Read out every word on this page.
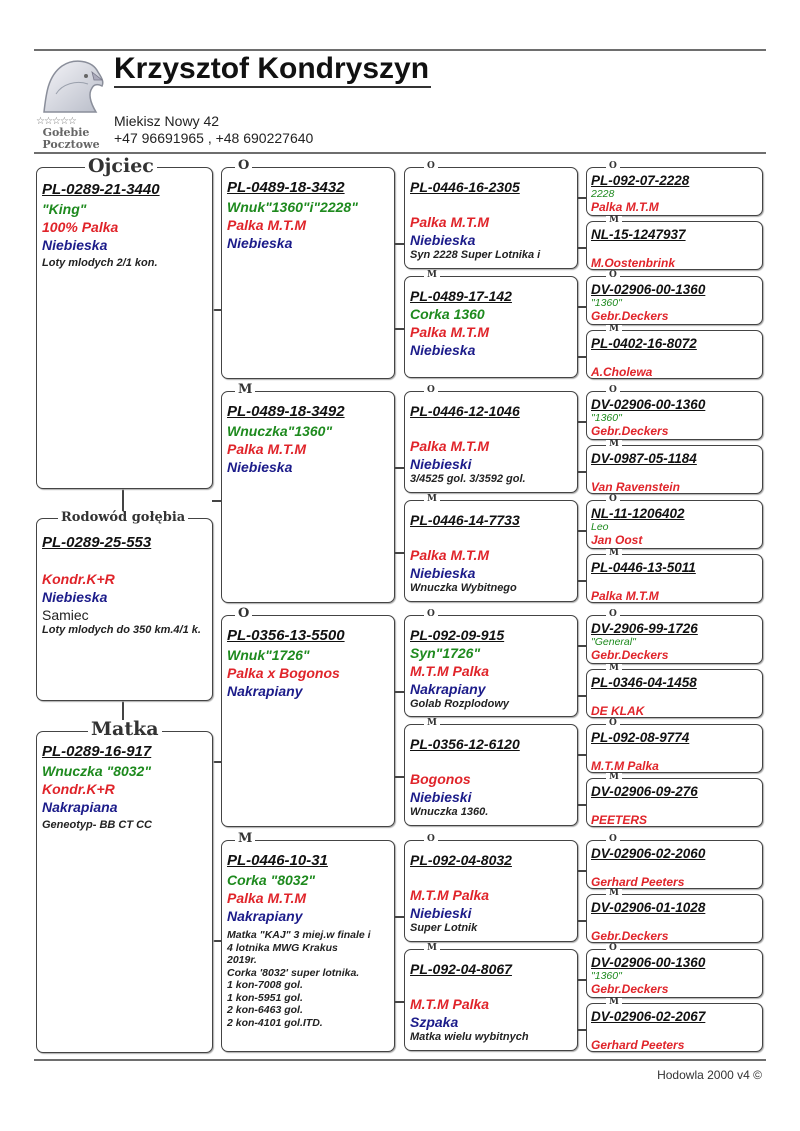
☆☆☆☆☆
Gołebie
Pocztowe
Krzysztof Kondryszyn
Miekisz Nowy 42
+47 96691965 , +48 690227640
PL-0289-21-3440
"King"
100% Palka
Niebieska
Loty mlodych 2/1 kon.
Ojciec
PL-0289-25-553
Kondr.K+R
Niebieska
Samiec
Loty mlodych do 350 km.4/1 k.
Rodowód gołębia
PL-0289-16-917
Wnuczka "8032"
Kondr.K+R
Nakrapiana
Geneotyp- BB CT CC
Matka
PL-0489-18-3432
Wnuk"1360"i"2228"
Palka M.T.M
Niebieska
O
PL-0489-18-3492
Wnuczka"1360"
Palka M.T.M
Niebieska
M
PL-0356-13-5500
Wnuk"1726"
Palka x Bogonos
Nakrapiany
O
PL-0446-10-31
Corka "8032"
Palka M.T.M
Nakrapiany
Matka "KAJ" 3 miej.w finale i
4 lotnika MWG Krakus
2019r.
Corka '8032' super lotnika.
1 kon-7008 gol.
1 kon-5951 gol.
2 kon-6463 gol.
2 kon-4101 gol.ITD.
M
PL-0446-16-2305
Palka M.T.M
Niebieska
Syn 2228 Super Lotnika i
O
PL-0489-17-142
Corka 1360
Palka M.T.M
Niebieska
M
PL-0446-12-1046
Palka M.T.M
Niebieski
3/4525 gol. 3/3592 gol.
O
PL-0446-14-7733
Palka M.T.M
Niebieska
Wnuczka Wybitnego
M
PL-092-09-915
Syn"1726"
M.T.M Palka
Nakrapiany
Golab Rozplodowy
O
PL-0356-12-6120
Bogonos
Niebieski
Wnuczka 1360.
M
PL-092-04-8032
M.T.M Palka
Niebieski
Super Lotnik
O
PL-092-04-8067
M.T.M Palka
Szpaka
Matka wielu wybitnych
M
PL-092-07-2228
2228
Palka M.T.M
O
NL-15-1247937
M.Oostenbrink
M
DV-02906-00-1360
"1360"
Gebr.Deckers
O
PL-0402-16-8072
A.Cholewa
M
DV-02906-00-1360
"1360"
Gebr.Deckers
O
DV-0987-05-1184
Van Ravenstein
M
NL-11-1206402
Leo
Jan Oost
O
PL-0446-13-5011
Palka M.T.M
M
DV-2906-99-1726
"General"
Gebr.Deckers
O
PL-0346-04-1458
DE KLAK
M
PL-092-08-9774
M.T.M Palka
O
DV-02906-09-276
PEETERS
M
DV-02906-02-2060
Gerhard Peeters
O
DV-02906-01-1028
Gebr.Deckers
M
DV-02906-00-1360
"1360"
Gebr.Deckers
O
DV-02906-02-2067
Gerhard Peeters
M
Hodowla 2000 v4 ©
